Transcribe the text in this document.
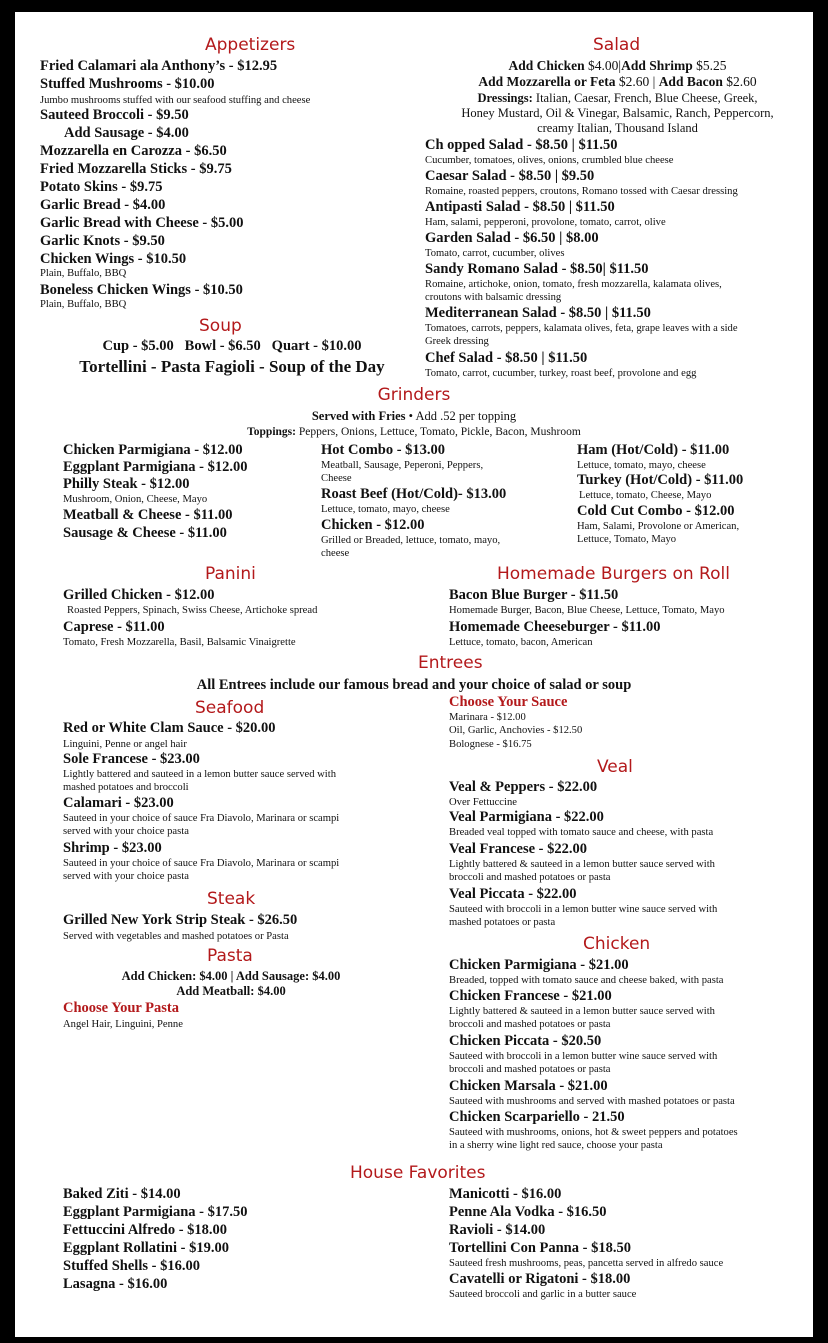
Appetizers
Fried Calamari ala Anthony’s - $12.95
Stuffed Mushrooms - $10.00
Jumbo mushrooms stuffed with our seafood stuffing and cheese
Sauteed Broccoli - $9.50
Add Sausage - $4.00
Mozzarella en Carozza - $6.50
Fried Mozzarella Sticks - $9.75
Potato Skins - $9.75
Garlic Bread - $4.00
Garlic Bread with Cheese - $5.00
Garlic Knots - $9.50
Chicken Wings - $10.50
Plain, Buffalo, BBQ
Boneless Chicken Wings - $10.50
Plain, Buffalo, BBQ
Soup
Cup - $5.00   Bowl - $6.50   Quart - $10.00
Tortellini - Pasta Fagioli - Soup of the Day
Salad
Add Chicken $4.00|Add Shrimp $5.25
Add Mozzarella or Feta $2.60 | Add Bacon $2.60
Dressings: Italian, Caesar, French, Blue Cheese, Greek,
Honey Mustard, Oil & Vinegar, Balsamic, Ranch, Peppercorn,
creamy Italian, Thousand Island
Ch opped Salad - $8.50 | $11.50
Cucumber, tomatoes, olives, onions, crumbled blue cheese
Caesar Salad - $8.50 | $9.50
Romaine, roasted peppers, croutons, Romano tossed with Caesar dressing
Antipasti Salad - $8.50 | $11.50
Ham, salami, pepperoni, provolone, tomato, carrot, olive
Garden Salad - $6.50 | $8.00
Tomato, carrot, cucumber, olives
Sandy Romano Salad - $8.50| $11.50
Romaine, artichoke, onion, tomato, fresh mozzarella, kalamata olives,
croutons with balsamic dressing
Mediterranean Salad - $8.50 | $11.50
Tomatoes, carrots, peppers, kalamata olives, feta, grape leaves with a side
Greek dressing
Chef Salad - $8.50 | $11.50
Tomato, carrot, cucumber, turkey, roast beef, provolone and egg
Grinders
Served with Fries • Add .52 per topping
Toppings: Peppers, Onions, Lettuce, Tomato, Pickle, Bacon, Mushroom
Chicken Parmigiana - $12.00
Eggplant Parmigiana - $12.00
Philly Steak - $12.00
Mushroom, Onion, Cheese, Mayo
Meatball & Cheese - $11.00
Sausage & Cheese - $11.00
Hot Combo - $13.00
Meatball, Sausage, Peperoni, Peppers,
Cheese
Roast Beef (Hot/Cold)- $13.00
Lettuce, tomato, mayo, cheese
Chicken - $12.00
Grilled or Breaded, lettuce, tomato, mayo,
cheese
Ham (Hot/Cold) - $11.00
Lettuce, tomato, mayo, cheese
Turkey (Hot/Cold) - $11.00
Lettuce, tomato, Cheese, Mayo
Cold Cut Combo - $12.00
Ham, Salami, Provolone or American,
Lettuce, Tomato, Mayo
Panini
Grilled Chicken - $12.00
Roasted Peppers, Spinach, Swiss Cheese, Artichoke spread
Caprese - $11.00
Tomato, Fresh Mozzarella, Basil, Balsamic Vinaigrette
Homemade Burgers on Roll
Bacon Blue Burger - $11.50
Homemade Burger, Bacon, Blue Cheese, Lettuce, Tomato, Mayo
Homemade Cheeseburger - $11.00
Lettuce, tomato, bacon, American
Entrees
All Entrees include our famous bread and your choice of salad or soup
Seafood
Red or White Clam Sauce - $20.00
Linguini, Penne or angel hair
Sole Francese - $23.00
Lightly battered and sauteed in a lemon butter sauce served with
mashed potatoes and broccoli
Calamari - $23.00
Sauteed in your choice of sauce Fra Diavolo, Marinara or scampi
served with your choice pasta
Shrimp - $23.00
Sauteed in your choice of sauce Fra Diavolo, Marinara or scampi
served with your choice pasta
Choose Your Sauce
Marinara - $12.00
Oil, Garlic, Anchovies - $12.50
Bolognese - $16.75
Veal
Veal & Peppers - $22.00
Over Fettuccine
Veal Parmigiana - $22.00
Breaded veal topped with tomato sauce and cheese, with pasta
Veal Francese - $22.00
Lightly battered & sauteed in a lemon butter sauce served with
broccoli and mashed potatoes or pasta
Veal Piccata - $22.00
Sauteed with broccoli in a lemon butter wine sauce served with
mashed potatoes or pasta
Steak
Grilled New York Strip Steak - $26.50
Served with vegetables and mashed potatoes or Pasta
Pasta
Add Chicken: $4.00 | Add Sausage: $4.00
Add Meatball: $4.00
Choose Your Pasta
Angel Hair, Linguini, Penne
Chicken
Chicken Parmigiana - $21.00
Breaded, topped with tomato sauce and cheese baked, with pasta
Chicken Francese - $21.00
Lightly battered & sauteed in a lemon butter sauce served with
broccoli and mashed potatoes or pasta
Chicken Piccata - $20.50
Sauteed with broccoli in a lemon butter wine sauce served with
broccoli and mashed potatoes or pasta
Chicken Marsala - $21.00
Sauteed with mushrooms and served with mashed potatoes or pasta
Chicken Scarpariello - 21.50
Sauteed with mushrooms, onions, hot & sweet peppers and potatoes
in a sherry wine light red sauce, choose your pasta
House Favorites
Baked Ziti - $14.00
Eggplant Parmigiana - $17.50
Fettuccini Alfredo - $18.00
Eggplant Rollatini - $19.00
Stuffed Shells - $16.00
Lasagna - $16.00
Manicotti - $16.00
Penne Ala Vodka - $16.50
Ravioli - $14.00
Tortellini Con Panna - $18.50
Sauteed fresh mushrooms, peas, pancetta served in alfredo sauce
Cavatelli or Rigatoni - $18.00
Sauteed broccoli and garlic in a butter sauce
